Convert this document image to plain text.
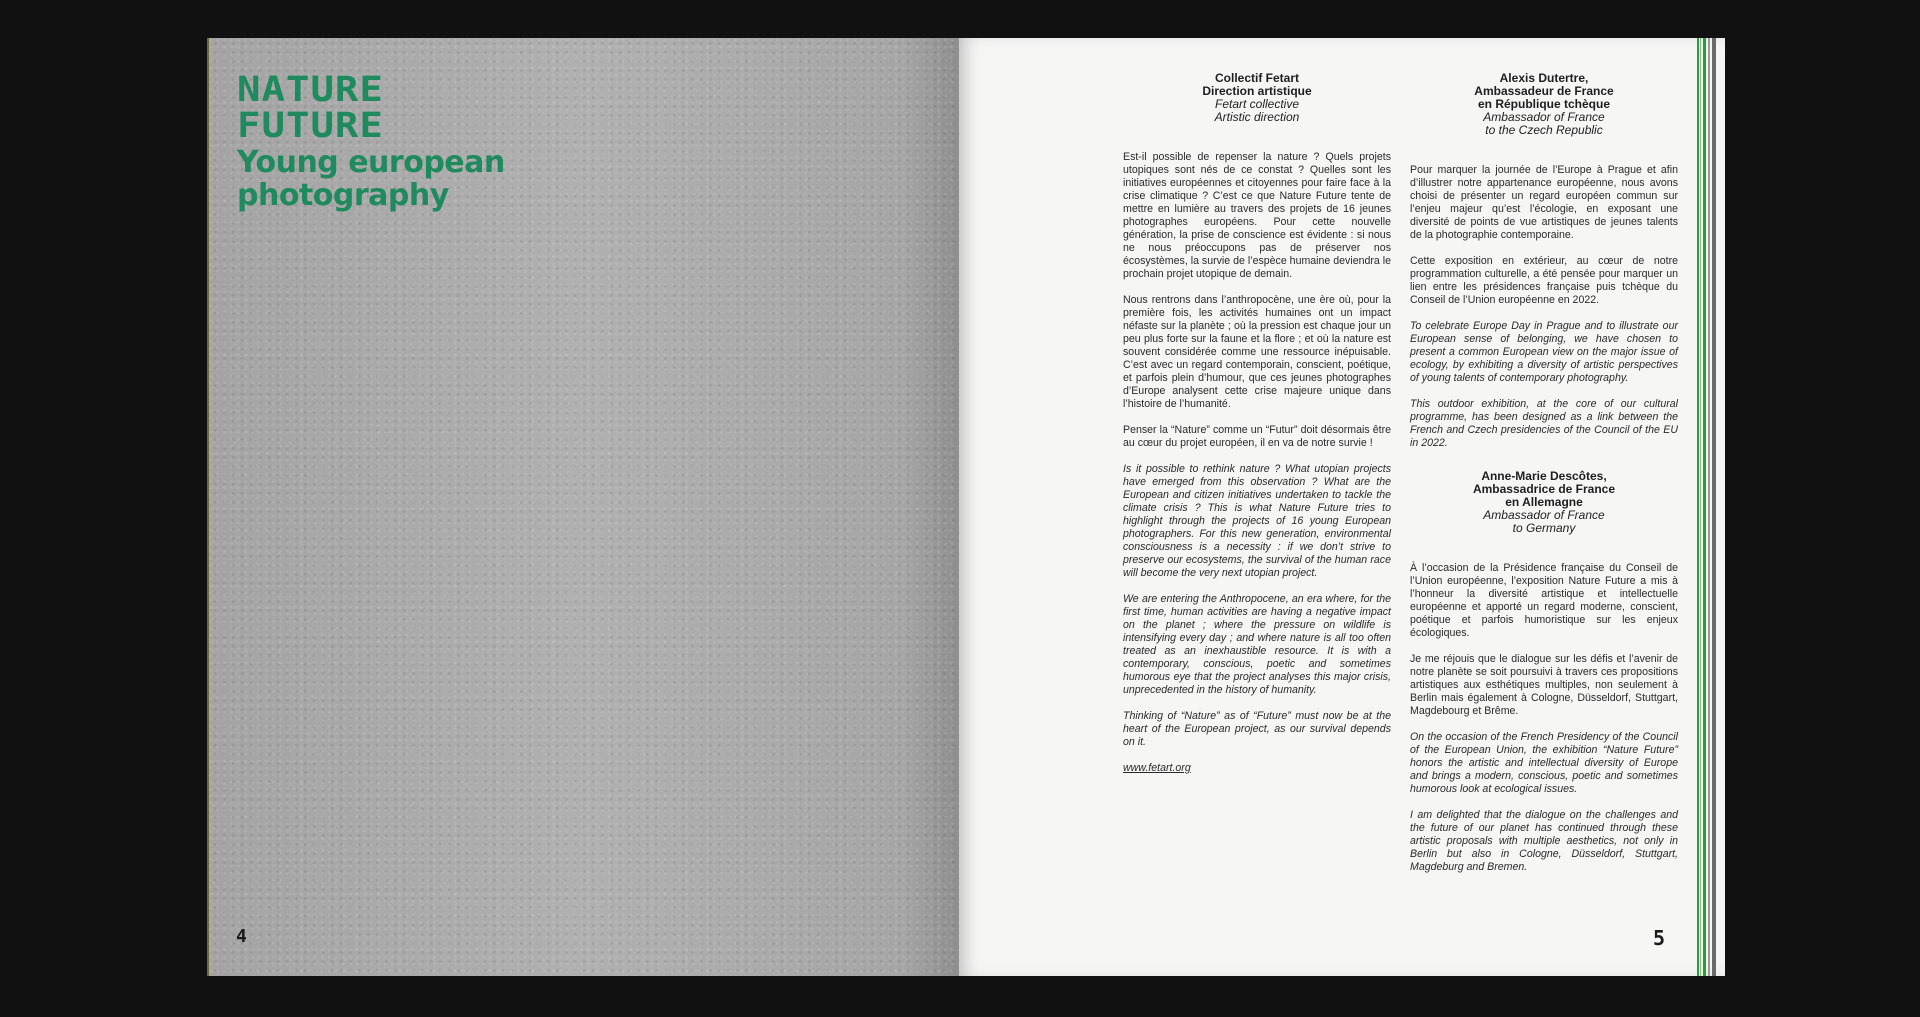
NATURE
FUTURE
Young european
photography
4
Collectif Fetart
Direction artistique
Fetart collective
Artistic direction

Est-il possible de repenser la nature ? Quels projets utopiques sont nés de ce constat ? Quelles sont les initiatives européennes et citoyennes pour faire face à la crise climatique ? C’est ce que Nature Future tente de mettre en lumière au travers des projets de 16 jeunes photographes européens. Pour cette nouvelle génération, la prise de conscience est évidente : si nous ne nous préoccupons pas de préserver nos écosystèmes, la survie de l’espèce humaine deviendra le prochain projet utopique de demain.

Nous rentrons dans l’anthropocène, une ère où, pour la première fois, les activités humaines ont un impact néfaste sur la planète ; où la pression est chaque jour un peu plus forte sur la faune et la flore ; et où la nature est souvent considérée comme une ressource inépuisable. C’est avec un regard contemporain, conscient, poétique, et parfois plein d’humour, que ces jeunes photographes d’Europe analysent cette crise majeure unique dans l’histoire de l’humanité.

Penser la “Nature” comme un “Futur” doit désormais être au cœur du projet européen, il en va de notre survie !

Is it possible to rethink nature ? What utopian projects have emerged from this observation ? What are the European and citizen initiatives undertaken to tackle the climate crisis ? This is what Nature Future tries to highlight through the projects of 16 young European photographers. For this new generation, environmental consciousness is a necessity : if we don’t strive to preserve our ecosystems, the survival of the human race will become the very next utopian project.

We are entering the Anthropocene, an era where, for the first time, human activities are having a negative impact on the planet ; where the pressure on wildlife is intensifying every day ; and where nature is all too often treated as an inexhaustible resource. It is with a contemporary, conscious, poetic and sometimes humorous eye that the project analyses this major crisis, unprecedented in the history of humanity.

Thinking of “Nature” as of “Future” must now be at the heart of the European project, as our survival depends on it.

www.fetart.org

Alexis Dutertre,
Ambassadeur de France
en République tchèque
Ambassador of France
to the Czech Republic

Pour marquer la journée de l’Europe à Prague et afin d’illustrer notre appartenance européenne, nous avons choisi de présenter un regard européen commun sur l’enjeu majeur qu’est l’écologie, en exposant une diversité de points de vue artistiques de jeunes talents de la photographie contemporaine.

Cette exposition en extérieur, au cœur de notre programmation culturelle, a été pensée pour marquer un lien entre les présidences française puis tchèque du Conseil de l’Union européenne en 2022.

To celebrate Europe Day in Prague and to illustrate our European sense of belonging, we have chosen to present a common European view on the major issue of ecology, by exhibiting a diversity of artistic perspectives of young talents of contemporary photography.

This outdoor exhibition, at the core of our cultural programme, has been designed as a link between the French and Czech presidencies of the Council of the EU in 2022.

Anne-Marie Descôtes,
Ambassadrice de France
en Allemagne
Ambassador of France
to Germany

À l’occasion de la Présidence française du Conseil de l’Union européenne, l’exposition Nature Future a mis à l’honneur la diversité artistique et intellectuelle européenne et apporté un regard moderne, conscient, poétique et parfois humoristique sur les enjeux écologiques.

Je me réjouis que le dialogue sur les défis et l’avenir de notre planète se soit poursuivi à travers ces propositions artistiques aux esthétiques multiples, non seulement à Berlin mais également à Cologne, Düsseldorf, Stuttgart, Magdebourg et Brême.

On the occasion of the French Presidency of the Council of the European Union, the exhibition “Nature Future” honors the artistic and intellectual diversity of Europe and brings a modern, conscious, poetic and sometimes humorous look at ecological issues.

I am delighted that the dialogue on the challenges and the future of our planet has continued through these artistic proposals with multiple aesthetics, not only in Berlin but also in Cologne, Düsseldorf, Stuttgart, Magdeburg and Bremen.

5
